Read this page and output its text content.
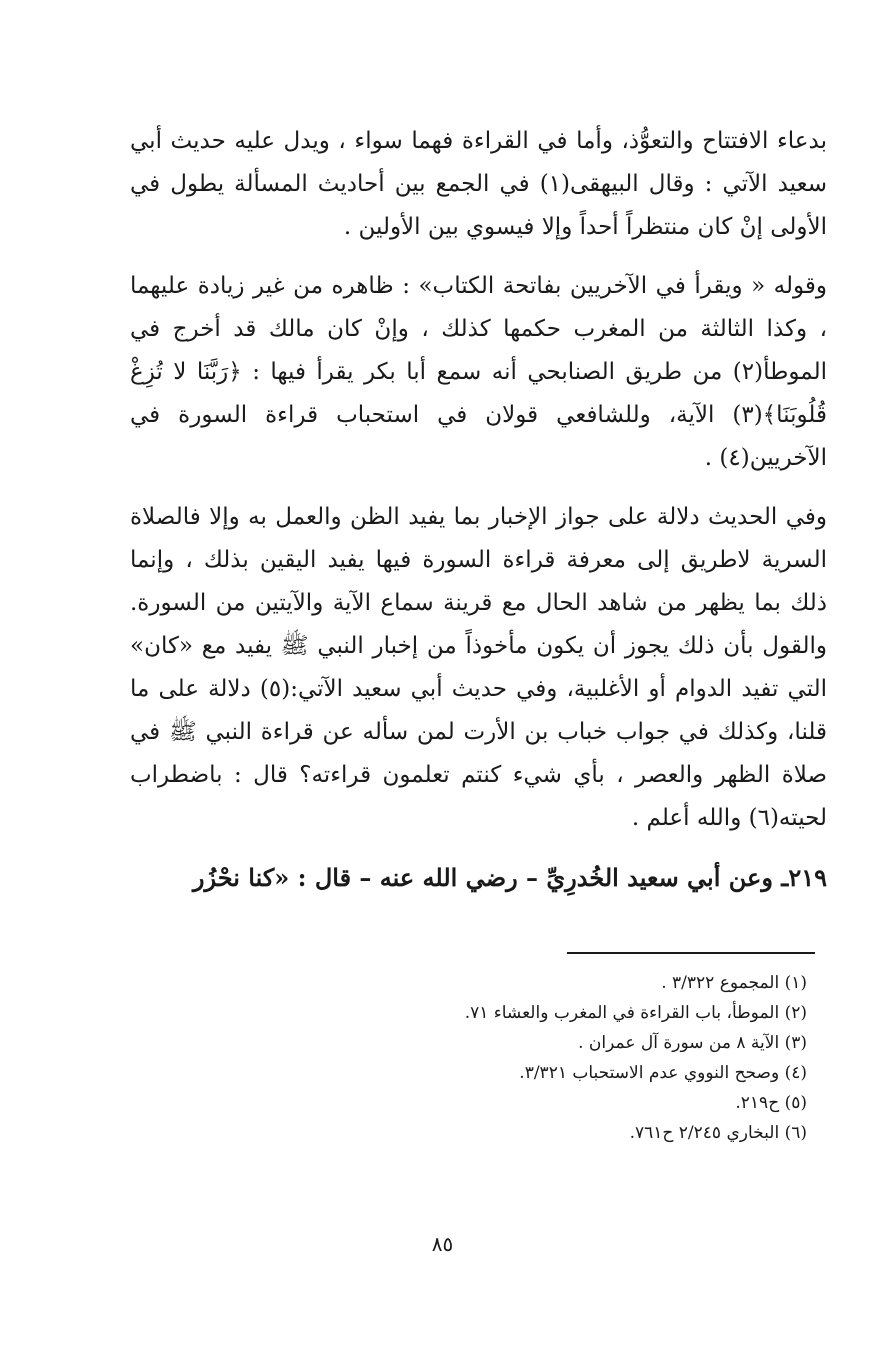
بدعاء الافتتاح والتعوُّذ، وأما في القراءة فهما سواء ، ويدل عليه حديث أبي سعيد الآتي : وقال البيهقى(١) في الجمع بين أحاديث المسألة يطول في الأولى إنْ كان منتظراً أحداً وإلا فيسوي بين الأولين .

وقوله « ويقرأ في الآخريين بفاتحة الكتاب» : ظاهره من غير زيادة عليهما ، وكذا الثالثة من المغرب حكمها كذلك ، وإنْ كان مالك قد أخرج في الموطأ(٢) من طريق الصنابحي أنه سمع أبا بكر يقرأ فيها : ﴿رَبَّنَا لا تُزِغْ قُلُوبَنَا﴾(٣) الآية، وللشافعي قولان في استحباب قراءة السورة في الآخريين(٤) .

وفي الحديث دلالة على جواز الإخبار بما يفيد الظن والعمل به وإلا فالصلاة السرية لاطريق إلى معرفة قراءة السورة فيها يفيد اليقين بذلك ، وإنما ذلك بما يظهر من شاهد الحال مع قرينة سماع الآية والآيتين من السورة. والقول بأن ذلك يجوز أن يكون مأخوذاً من إخبار النبي ﷺ يفيد مع «كان» التي تفيد الدوام أو الأغلبية، وفي حديث أبي سعيد الآتي:(٥) دلالة على ما قلنا، وكذلك في جواب خباب بن الأرت لمن سأله عن قراءة النبي ﷺ في صلاة الظهر والعصر ، بأي شيء كنتم تعلمون قراءته؟ قال : باضطراب لحيته(٦) والله أعلم .

٢١٩ـ وعن أبي سعيد الخُدرِيِّ – رضي الله عنه – قال : «كنا نحْزُر

(١) المجموع ٣/٣٢٢ .

(٢) الموطأ، باب القراءة في المغرب والعشاء ٧١.

(٣) الآية ٨ من سورة آل عمران .

(٤) وصحح النووي عدم الاستحباب ٣/٣٢١.

(٥) ح٢١٩.

(٦) البخاري ٢/٢٤٥ ح٧٦١.

٨٥
